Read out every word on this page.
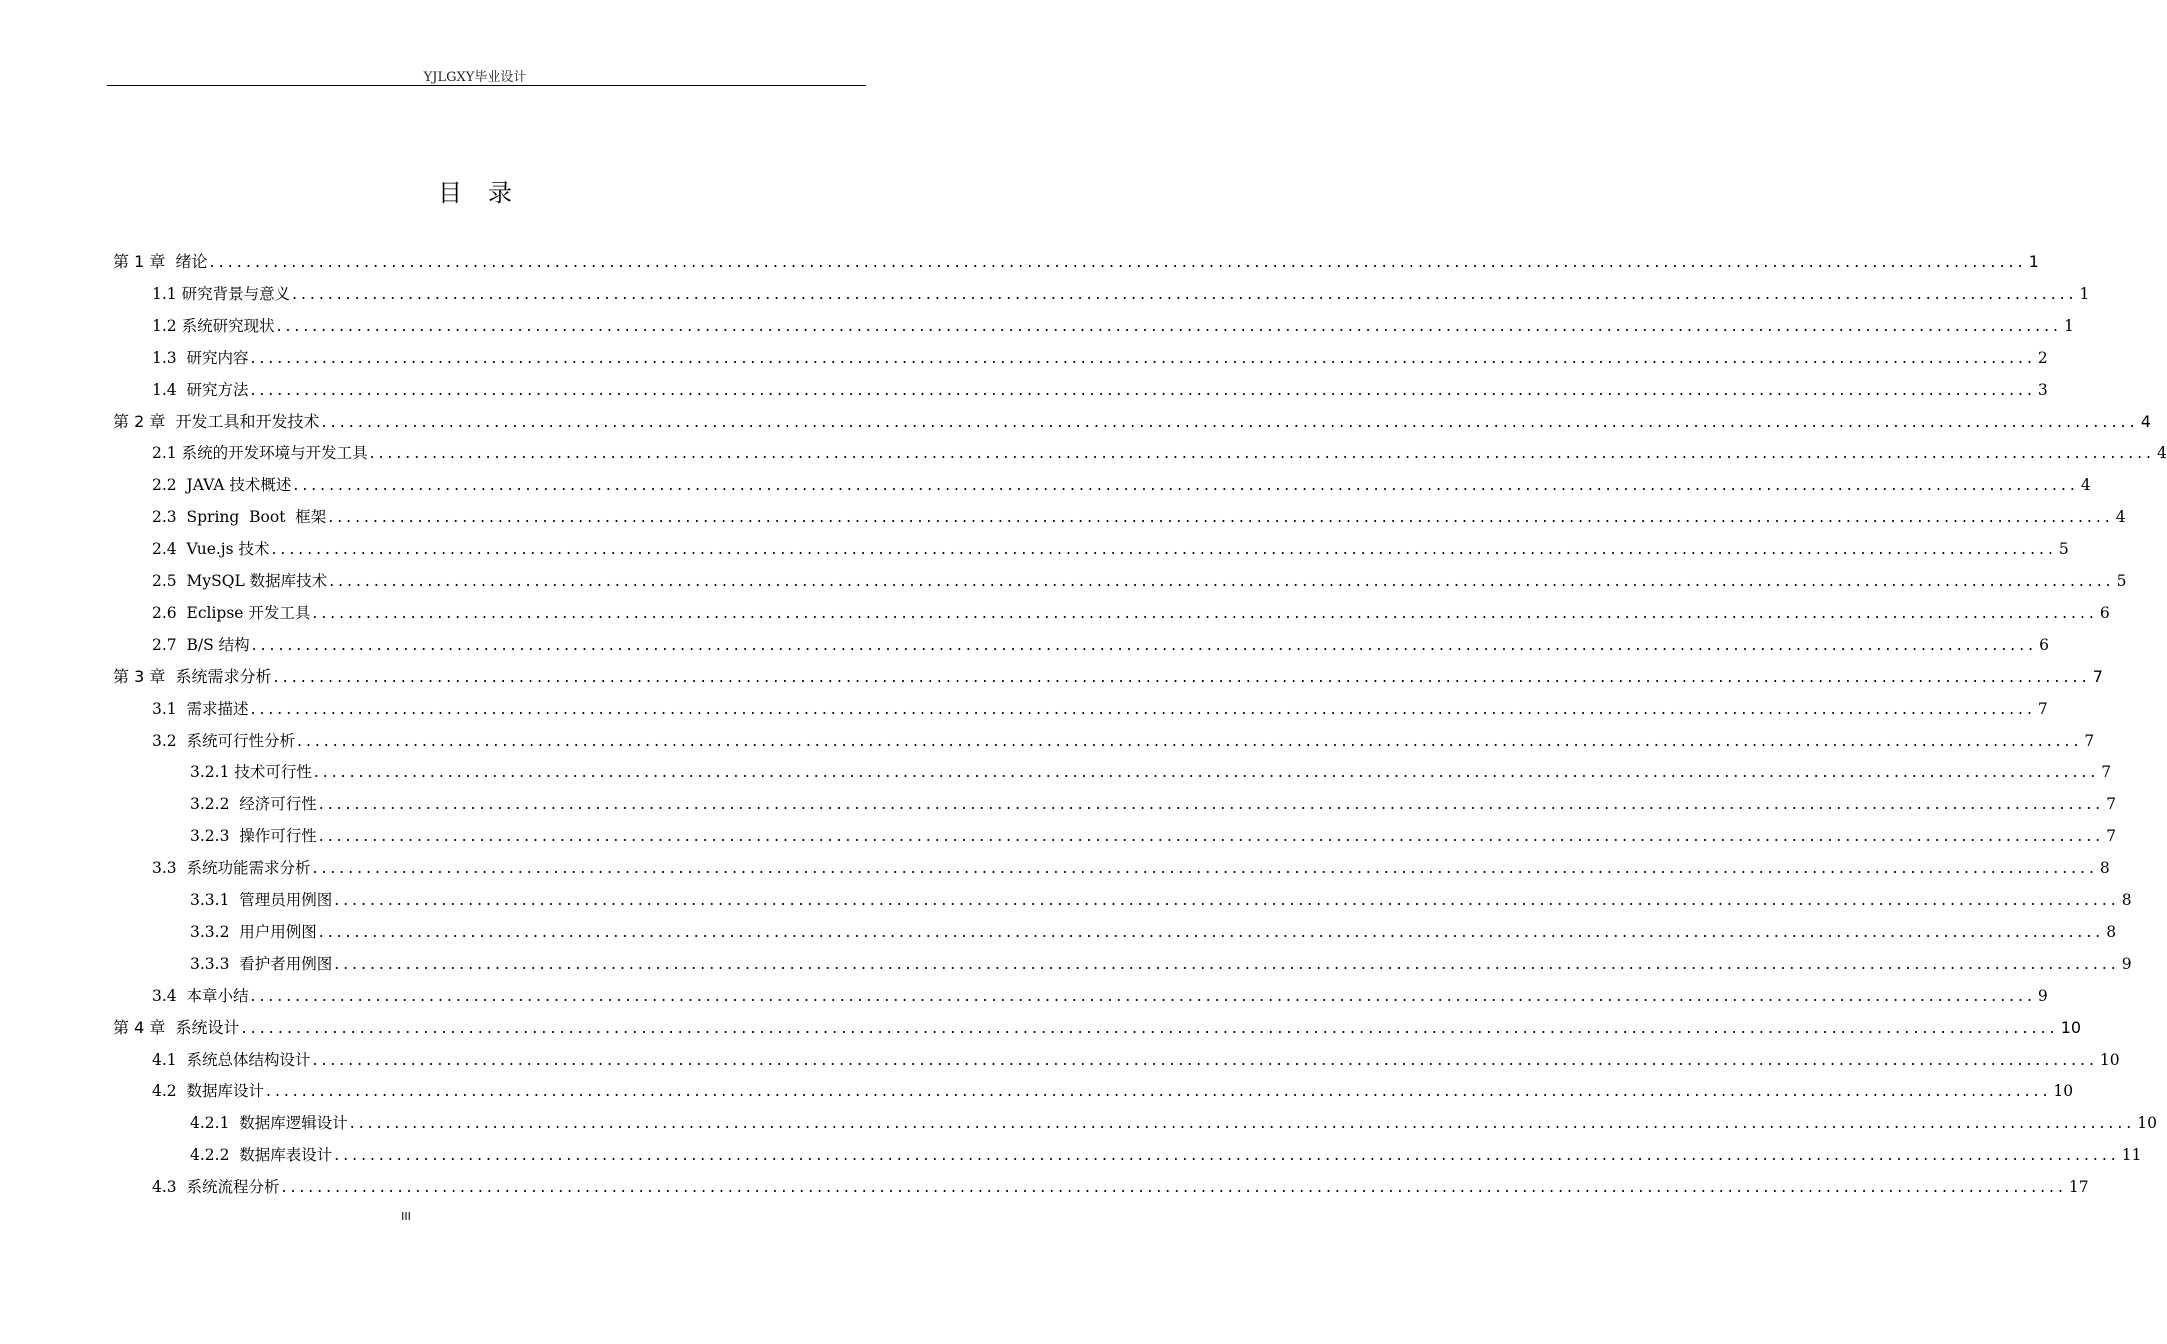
YJLGXY毕业设计
目 录
第 1 章  绪论 ........................................................................................................................................................................................................ 1
1.1 研究背景与意义 ........................................................................................................................................................................................................ 1
1.2 系统研究现状 ........................................................................................................................................................................................................ 1
1.3  研究内容 ........................................................................................................................................................................................................ 2
1.4  研究方法 ........................................................................................................................................................................................................ 3
第 2 章  开发工具和开发技术 ........................................................................................................................................................................................................ 4
2.1 系统的开发环境与开发工具 ........................................................................................................................................................................................................ 4
2.2  JAVA 技术概述 ........................................................................................................................................................................................................ 4
2.3  Spring  Boot  框架 ........................................................................................................................................................................................................ 4
2.4  Vue.js 技术 ........................................................................................................................................................................................................ 5
2.5  MySQL 数据库技术 ........................................................................................................................................................................................................ 5
2.6  Eclipse 开发工具 ........................................................................................................................................................................................................ 6
2.7  B/S 结构 ........................................................................................................................................................................................................ 6
第 3 章  系统需求分析 ........................................................................................................................................................................................................ 7
3.1  需求描述 ........................................................................................................................................................................................................ 7
3.2  系统可行性分析 ........................................................................................................................................................................................................ 7
3.2.1 技术可行性 ........................................................................................................................................................................................................ 7
3.2.2  经济可行性 ........................................................................................................................................................................................................ 7
3.2.3  操作可行性 ........................................................................................................................................................................................................ 7
3.3  系统功能需求分析 ........................................................................................................................................................................................................ 8
3.3.1  管理员用例图 ........................................................................................................................................................................................................ 8
3.3.2  用户用例图 ........................................................................................................................................................................................................ 8
3.3.3  看护者用例图 ........................................................................................................................................................................................................ 9
3.4  本章小结 ........................................................................................................................................................................................................ 9
第 4 章  系统设计 ........................................................................................................................................................................................................ 10
4.1  系统总体结构设计 ........................................................................................................................................................................................................ 10
4.2  数据库设计 ........................................................................................................................................................................................................ 10
4.2.1  数据库逻辑设计 ........................................................................................................................................................................................................ 10
4.2.2  数据库表设计 ........................................................................................................................................................................................................ 11
4.3  系统流程分析 ........................................................................................................................................................................................................ 17
III
